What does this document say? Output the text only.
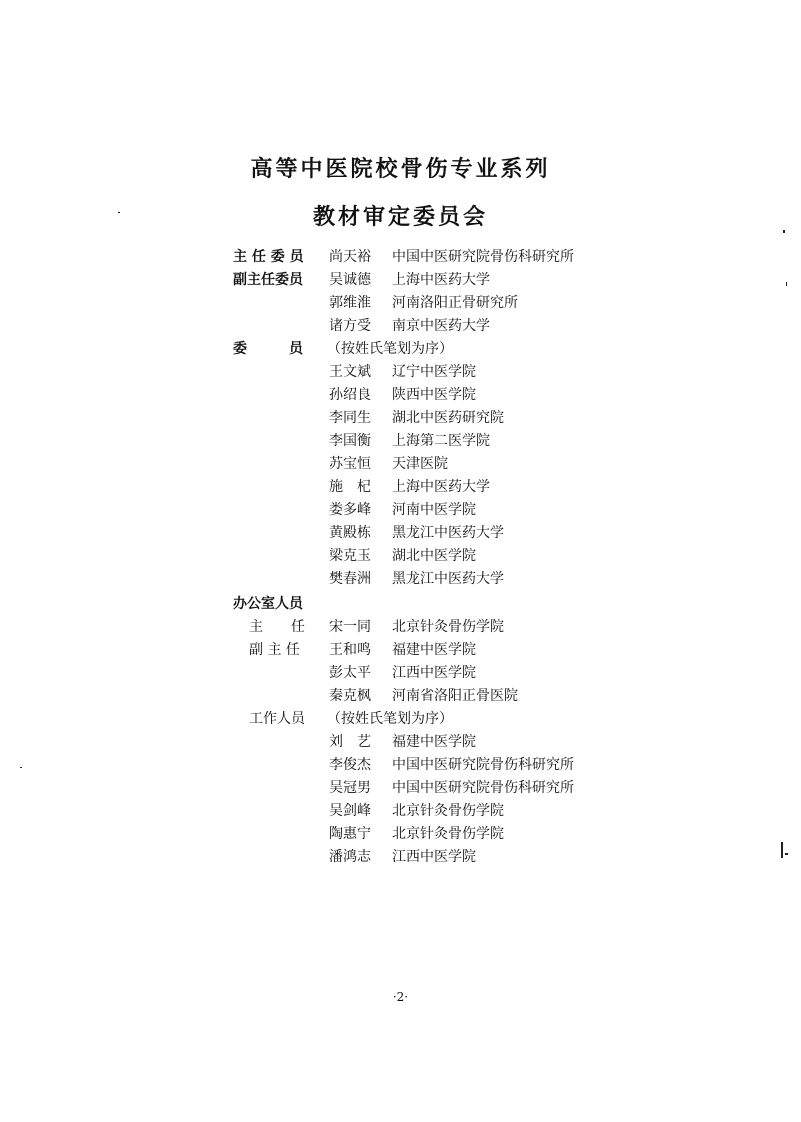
高等中医院校骨伤专业系列
教材审定委员会
主 任 委 员 尚天裕 中国中医研究院骨伤科研究所
副主任委员 吴诚德 上海中医药大学
郭维淮 河南洛阳正骨研究所
诸方受 南京中医药大学
委　　　员 （按姓氏笔划为序）
王文斌 辽宁中医学院
孙绍良 陕西中医学院
李同生 湖北中医药研究院
李国衡 上海第二医学院
苏宝恒 天津医院
施　杞 上海中医药大学
娄多峰 河南中医学院
黄殿栋 黑龙江中医药大学
梁克玉 湖北中医学院
樊春洲 黑龙江中医药大学
办公室人员
主　　任 宋一同 北京针灸骨伤学院
副 主 任 王和鸣 福建中医学院
彭太平 江西中医学院
秦克枫 河南省洛阳正骨医院
工作人员 （按姓氏笔划为序）
刘　艺 福建中医学院
李俊杰 中国中医研究院骨伤科研究所
吴冠男 中国中医研究院骨伤科研究所
吴剑峰 北京针灸骨伤学院
陶惠宁 北京针灸骨伤学院
潘鸿志 江西中医学院
·2·
